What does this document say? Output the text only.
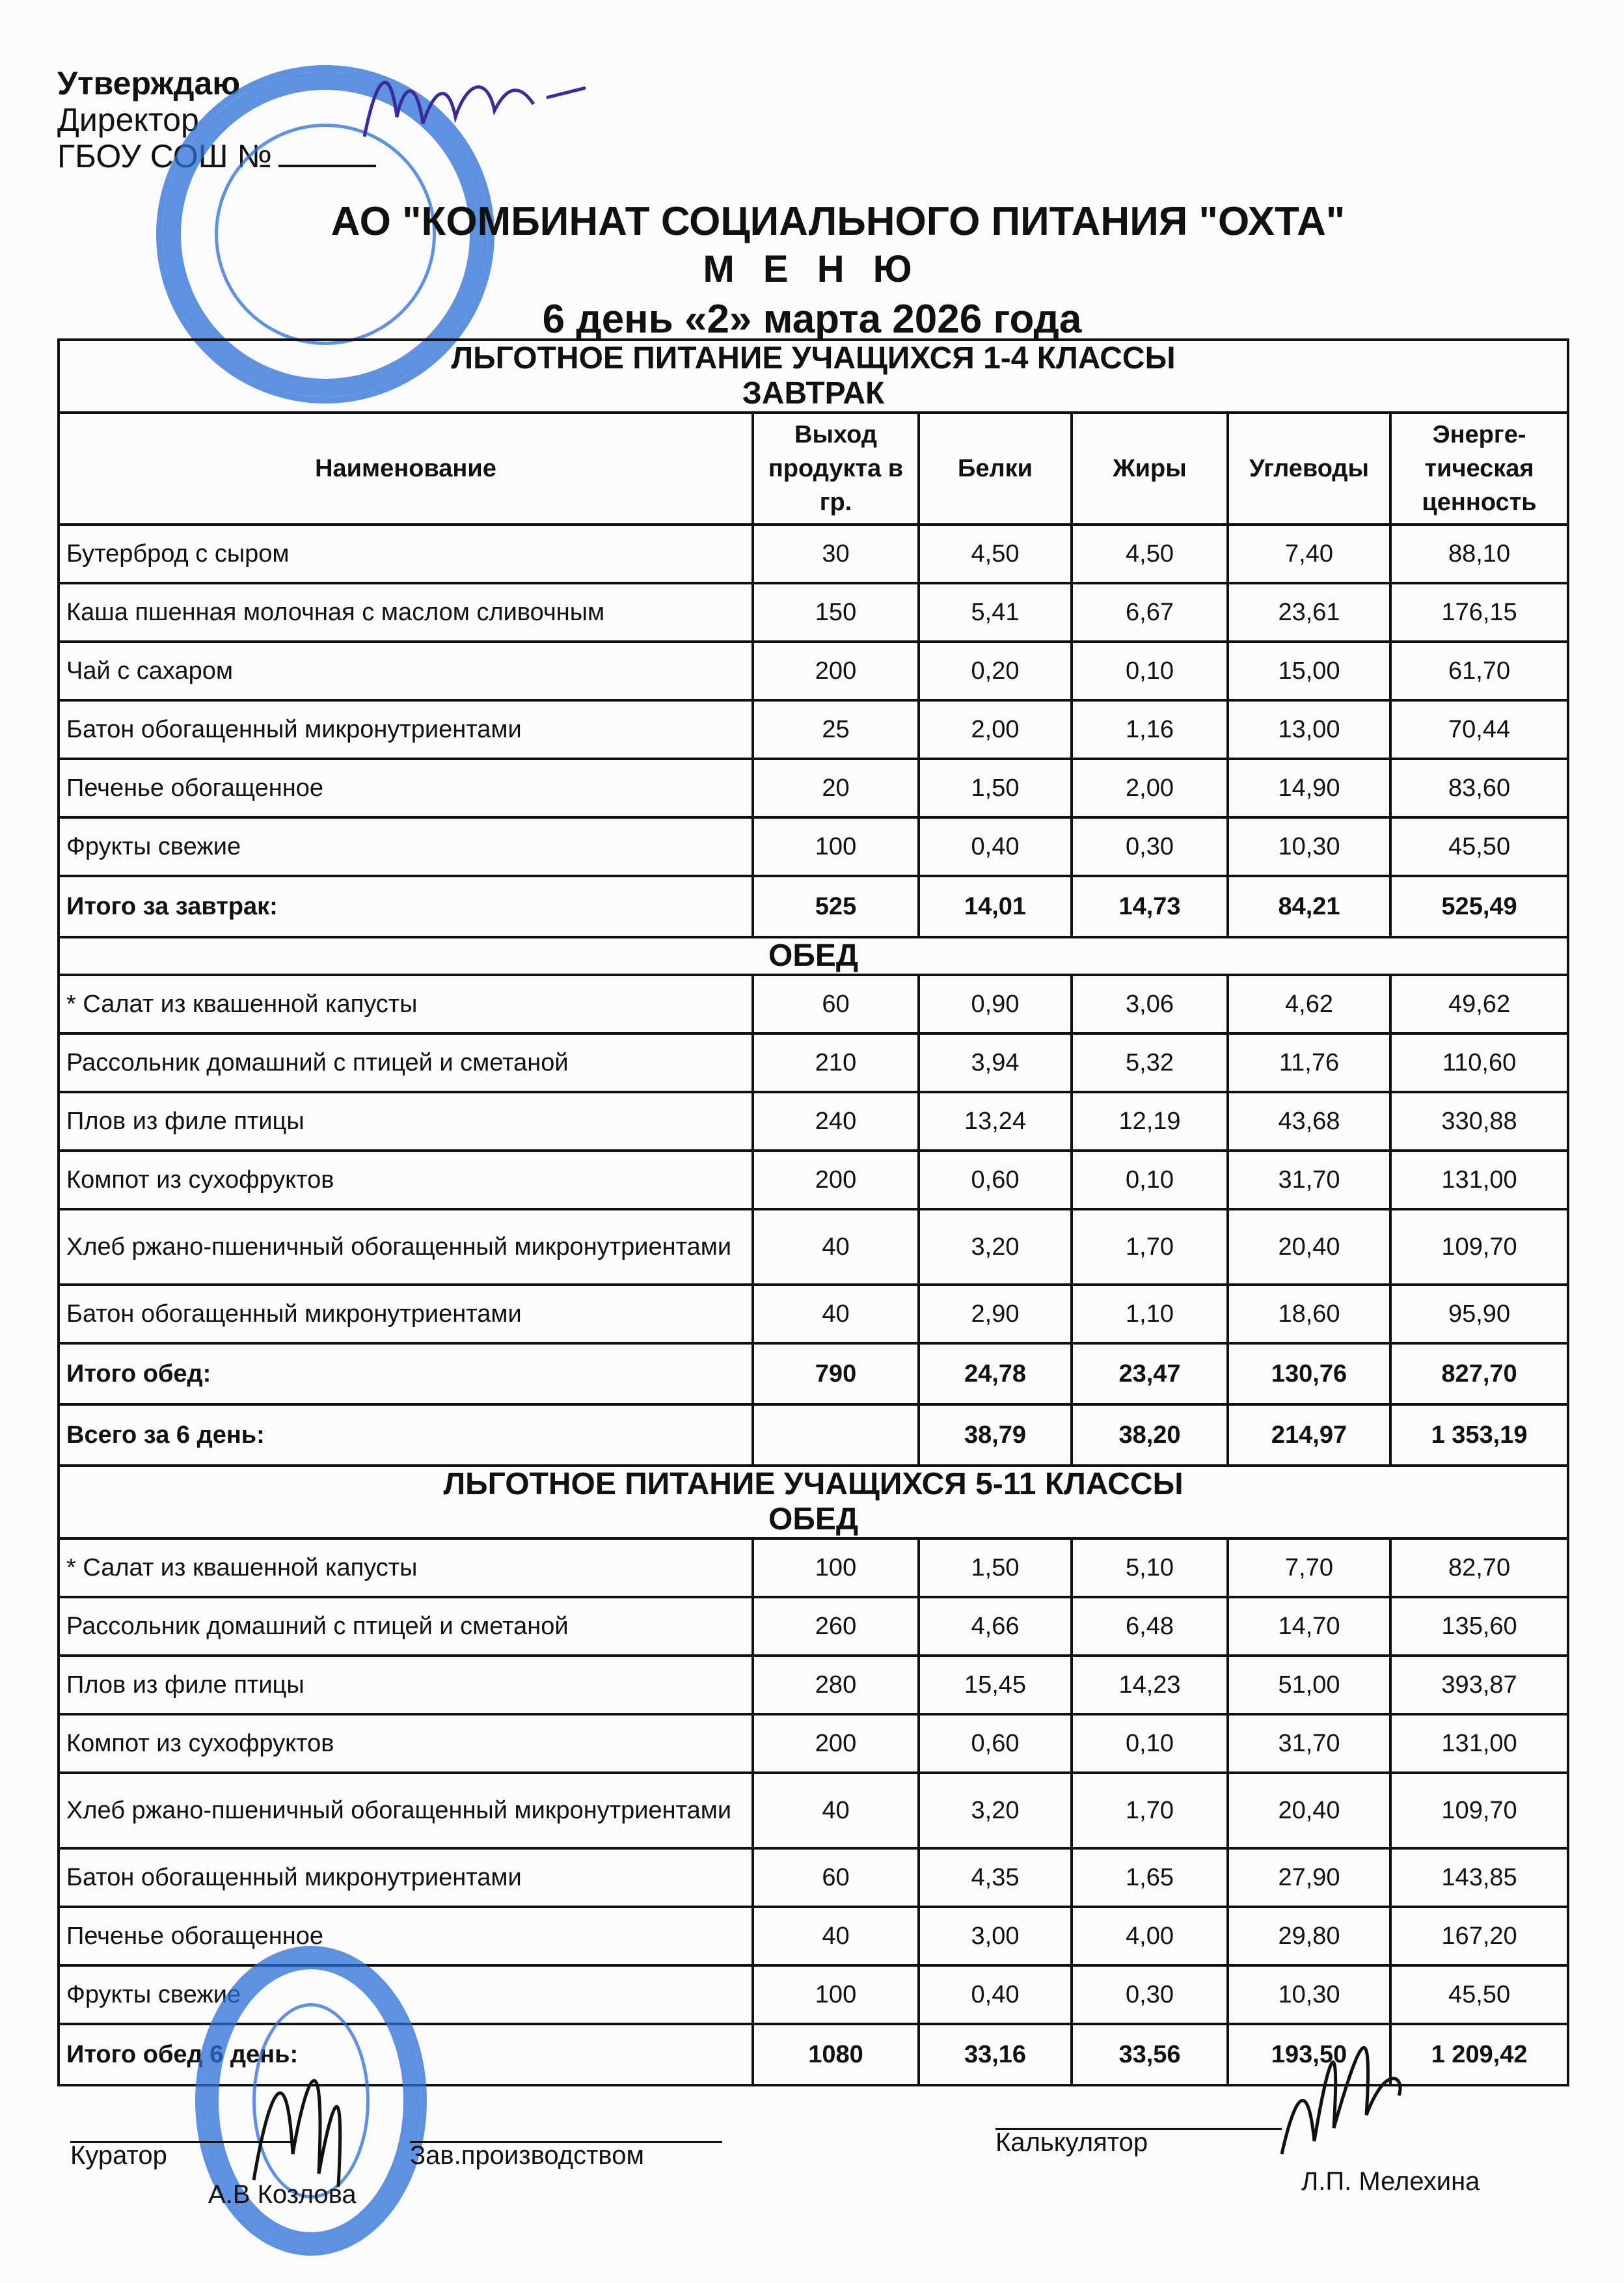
Утверждаю
Директор
ГБОУ СОШ №
АО "КОМБИНАТ СОЦИАЛЬНОГО ПИТАНИЯ "ОХТА"
М Е Н Ю
6 день «2» марта 2026 года
ЛЬГОТНОЕ ПИТАНИЕ УЧАЩИХСЯ 1-4 КЛАССЫ
ЗАВТРАК					

Наименование	Выход продукта в гр.	Белки	Жиры	Углеводы	Энерге-тическая ценность
Бутерброд с сыром	30	4,50	4,50	7,40	88,10
Каша пшенная молочная с маслом сливочным	150	5,41	6,67	23,61	176,15
Чай с сахаром	200	0,20	0,10	15,00	61,70
Батон обогащенный микронутриентами	25	2,00	1,16	13,00	70,44
Печенье обогащенное	20	1,50	2,00	14,90	83,60
Фрукты свежие	100	0,40	0,30	10,30	45,50
Итого за завтрак:	525	14,01	14,73	84,21	525,49
ОБЕД					
* Салат из квашенной капусты	60	0,90	3,06	4,62	49,62
Рассольник домашний с птицей и сметаной	210	3,94	5,32	11,76	110,60
Плов из филе птицы	240	13,24	12,19	43,68	330,88
Компот из сухофруктов	200	0,60	0,10	31,70	131,00
Хлеб ржано-пшеничный обогащенный микронутриентами	40	3,20	1,70	20,40	109,70
Батон обогащенный микронутриентами	40	2,90	1,10	18,60	95,90
Итого обед:	790	24,78	23,47	130,76	827,70
Всего за 6 день:		38,79	38,20	214,97	1 353,19

ЛЬГОТНОЕ ПИТАНИЕ УЧАЩИХСЯ 5-11 КЛАССЫ
ОБЕД					

* Салат из квашенной капусты	100	1,50	5,10	7,70	82,70
Рассольник домашний с птицей и сметаной	260	4,66	6,48	14,70	135,60
Плов из филе птицы	280	15,45	14,23	51,00	393,87
Компот из сухофруктов	200	0,60	0,10	31,70	131,00
Хлеб ржано-пшеничный обогащенный микронутриентами	40	3,20	1,70	20,40	109,70
Батон обогащенный микронутриентами	60	4,35	1,65	27,90	143,85
Печенье обогащенное	40	3,00	4,00	29,80	167,20
Фрукты свежие	100	0,40	0,30	10,30	45,50
Итого обед 6 день:	1080	33,16	33,56	193,50	1 209,42
Куратор	Зав.производством	Калькулятор
А.В Козлова	Л.П. Мелехина
